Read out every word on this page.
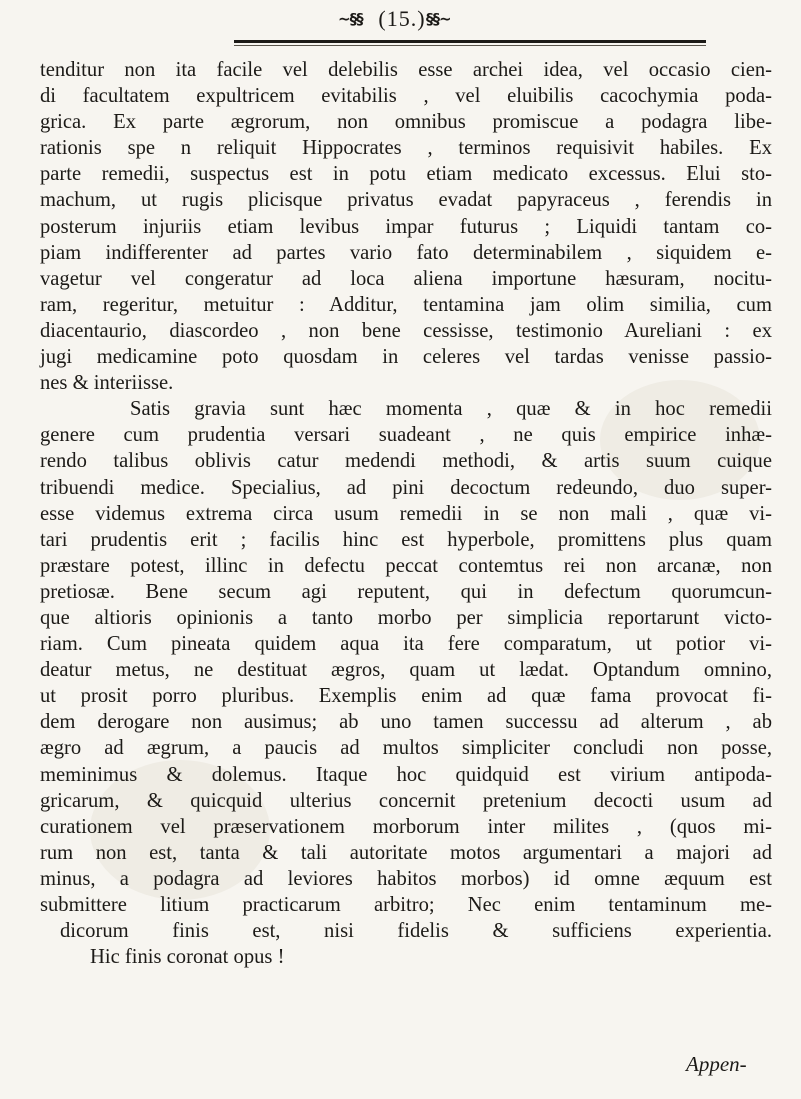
~§§ (15.) §§~

tenditur non ita facile vel delebilis esse archei idea, vel occasio cien-
di facultatem expultricem evitabilis , vel eluibilis cacochymia poda-
grica. Ex parte ægrorum, non omnibus promiscue a podagra libe-
rationis spe n reliquit Hippocrates , terminos requisivit habiles. Ex
parte remedii, suspectus est in potu etiam medicato excessus. Elui sto-
machum, ut rugis plicisque privatus evadat papyraceus , ferendis in
posterum injuriis etiam levibus impar futurus ; Liquidi tantam co-
piam indifferenter ad partes vario fato determinabilem , siquidem e-
vagetur vel congeratur ad loca aliena importune hæsuram, nocitu-
ram, regeritur, metuitur : Additur, tentamina jam olim similia, cum
diacentaurio, diascordeo , non bene cessisse, testimonio Aureliani : ex
jugi medicamine poto quosdam in celeres vel tardas venisse passio-
nes & interiisse.
Satis gravia sunt hæc momenta , quæ & in hoc remedii
genere cum prudentia versari suadeant , ne quis empirice inhæ-
rendo talibus oblivis catur medendi methodi, & artis suum cuique
tribuendi medice. Specialius, ad pini decoctum redeundo, duo super-
esse videmus extrema circa usum remedii in se non mali , quæ vi-
tari prudentis erit ; facilis hinc est hyperbole, promittens plus quam
præstare potest, illinc in defectu peccat contemtus rei non arcanæ, non
pretiosæ. Bene secum agi reputent, qui in defectum quorumcun-
que altioris opinionis a tanto morbo per simplicia reportarunt victo-
riam. Cum pineata quidem aqua ita fere comparatum, ut potior vi-
deatur metus, ne destituat ægros, quam ut lædat. Optandum omnino,
ut prosit porro pluribus. Exemplis enim ad quæ fama provocat fi-
dem derogare non ausimus; ab uno tamen successu ad alterum , ab
ægro ad ægrum, a paucis ad multos simpliciter concludi non posse,
meminimus & dolemus. Itaque hoc quidquid est virium antipoda-
gricarum, & quicquid ulterius concernit pretenium decocti usum ad
curationem vel præservationem morborum inter milites , (quos mi-
rum non est, tanta & tali autoritate motos argumentari a majori ad
minus, a podagra ad leviores habitos morbos) id omne æquum est
submittere litium practicarum arbitro; Nec enim tentaminum me-
dicorum finis est, nisi fidelis & sufficiens experientia.
Hic finis coronat opus !

Appen-
